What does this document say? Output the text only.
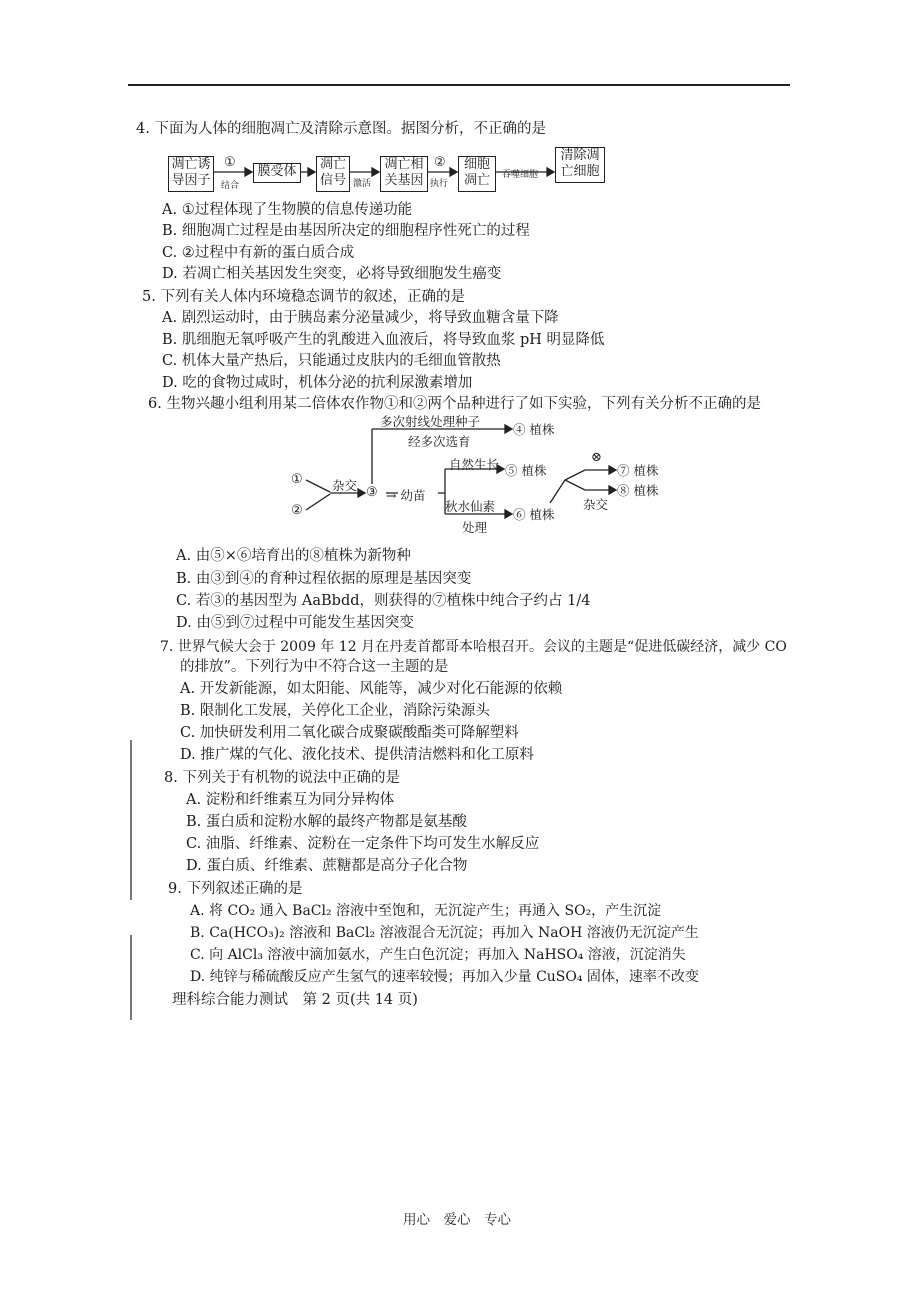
4. 下面为人体的细胞凋亡及清除示意图。据图分析，不正确的是
凋亡诱导因子
膜受体	凋亡信号
凋亡相关基因
细胞凋亡
清除凋亡细胞
①
结合	激活
②
执行
吞噬细胞
A. ①过程体现了生物膜的信息传递功能
B. 细胞凋亡过程是由基因所决定的细胞程序性死亡的过程
C. ②过程中有新的蛋白质合成
D. 若凋亡相关基因发生突变，必将导致细胞发生癌变
5. 下列有关人体内环境稳态调节的叙述，正确的是
A. 剧烈运动时，由于胰岛素分泌量减少，将导致血糖含量下降
B. 肌细胞无氧呼吸产生的乳酸进入血液后，将导致血浆 pH 明显降低
C. 机体大量产热后，只能通过皮肤内的毛细血管散热
D. 吃的食物过咸时，机体分泌的抗利尿激素增加
6. 生物兴趣小组利用某二倍体农作物①和②两个品种进行了如下实验，下列有关分析不正确的是
多次射线处理种子
经多次选育
④ 植株
①
②
杂交 ③ → 幼苗
自然生长 ⑤ 植株
秋水仙素
处理
⑥ 植株
⊗
⑦ 植株
⑧ 植株
杂交
A. 由⑤×⑥培育出的⑧植株为新物种
B. 由③到④的育种过程依据的原理是基因突变
C. 若③的基因型为 AaBbdd，则获得的⑦植株中纯合子约占 1/4
D. 由⑤到⑦过程中可能发生基因突变
7. 世界气候大会于 2009 年 12 月在丹麦首都哥本哈根召开。会议的主题是“促进低碳经济，减少 CO
的排放”。下列行为中不符合这一主题的是
A. 开发新能源，如太阳能、风能等，减少对化石能源的依赖
B. 限制化工发展，关停化工企业，消除污染源头
C. 加快研发利用二氧化碳合成聚碳酸酯类可降解塑料
D. 推广煤的气化、液化技术、提供清洁燃料和化工原料
8. 下列关于有机物的说法中正确的是
A. 淀粉和纤维素互为同分异构体
B. 蛋白质和淀粉水解的最终产物都是氨基酸
C. 油脂、纤维素、淀粉在一定条件下均可发生水解反应
D. 蛋白质、纤维素、蔗糖都是高分子化合物
9. 下列叙述正确的是
A. 将 CO₂ 通入 BaCl₂ 溶液中至饱和，无沉淀产生；再通入 SO₂，产生沉淀
B. Ca(HCO₃)₂ 溶液和 BaCl₂ 溶液混合无沉淀；再加入 NaOH 溶液仍无沉淀产生
C. 向 AlCl₃ 溶液中滴加氨水，产生白色沉淀；再加入 NaHSO₄ 溶液，沉淀消失
D. 纯锌与稀硫酸反应产生氢气的速率较慢；再加入少量 CuSO₄ 固体，速率不改变
理科综合能力测试　第 2 页(共 14 页)
用心　爱心　专心
